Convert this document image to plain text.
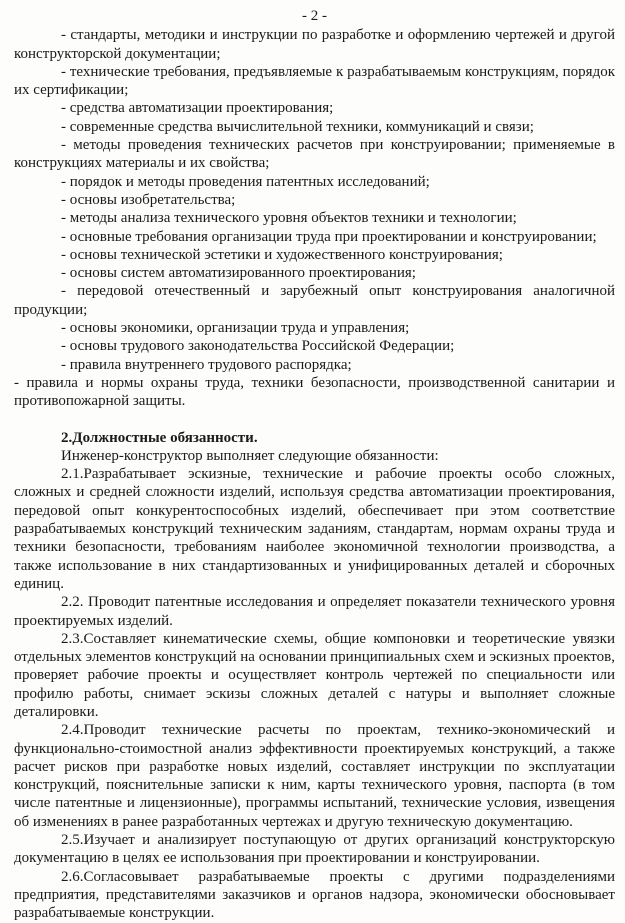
- 2 -

- стандарты, методики и инструкции по разработке и оформлению чертежей и другой конструкторской документации;

- технические требования, предъявляемые к разрабатываемым конструкциям, порядок их сертификации;

- средства автоматизации проектирования;

- современные средства вычислительной техники, коммуникаций и связи;

- методы проведения технических расчетов при конструировании; применяемые в конструкциях материалы и их свойства;

- порядок и методы проведения патентных исследований;

- основы изобретательства;

- методы анализа технического уровня объектов техники и технологии;

- основные требования организации труда при проектировании и конструировании;

- основы технической эстетики и художественного конструирования;

- основы систем автоматизированного проектирования;

- передовой отечественный и зарубежный опыт конструирования аналогичной продукции;

- основы экономики, организации труда и управления;

- основы трудового законодательства Российской Федерации;

- правила внутреннего трудового распорядка;

- правила и нормы охраны труда, техники безопасности, производственной санитарии и противопожарной защиты.

2.Должностные обязанности.

Инженер-конструктор выполняет следующие обязанности:

2.1.Разрабатывает эскизные, технические и рабочие проекты особо сложных, сложных и средней сложности изделий, используя средства автоматизации проектирования, передовой опыт конкурентоспособных изделий, обеспечивает при этом соответствие разрабатываемых конструкций техническим заданиям, стандартам, нормам охраны труда и техники безопасности, требованиям наиболее экономичной технологии производства, а также использование в них стандартизованных и унифицированных деталей и сборочных единиц.

2.2. Проводит патентные исследования и определяет показатели технического уровня проектируемых изделий.

2.3.Составляет кинематические схемы, общие компоновки и теоретические увязки отдельных элементов конструкций на основании принципиальных схем и эскизных проектов, проверяет рабочие проекты и осуществляет контроль чертежей по специальности или профилю работы, снимает эскизы сложных деталей с натуры и выполняет сложные деталировки.

2.4.Проводит технические расчеты по проектам, технико-экономический и функционально-стоимостной анализ эффективности проектируемых конструкций, а также расчет рисков при разработке новых изделий, составляет инструкции по эксплуатации конструкций, пояснительные записки к ним, карты технического уровня, паспорта (в том числе патентные и лицензионные), программы испытаний, технические условия, извещения об изменениях в ранее разработанных чертежах и другую техническую документацию.

2.5.Изучает и анализирует поступающую от других организаций конструкторскую документацию в целях ее использования при проектировании и конструировании.

2.6.Согласовывает разрабатываемые проекты с другими подразделениями предприятия, представителями заказчиков и органов надзора, экономически обосновывает разрабатываемые конструкции.
